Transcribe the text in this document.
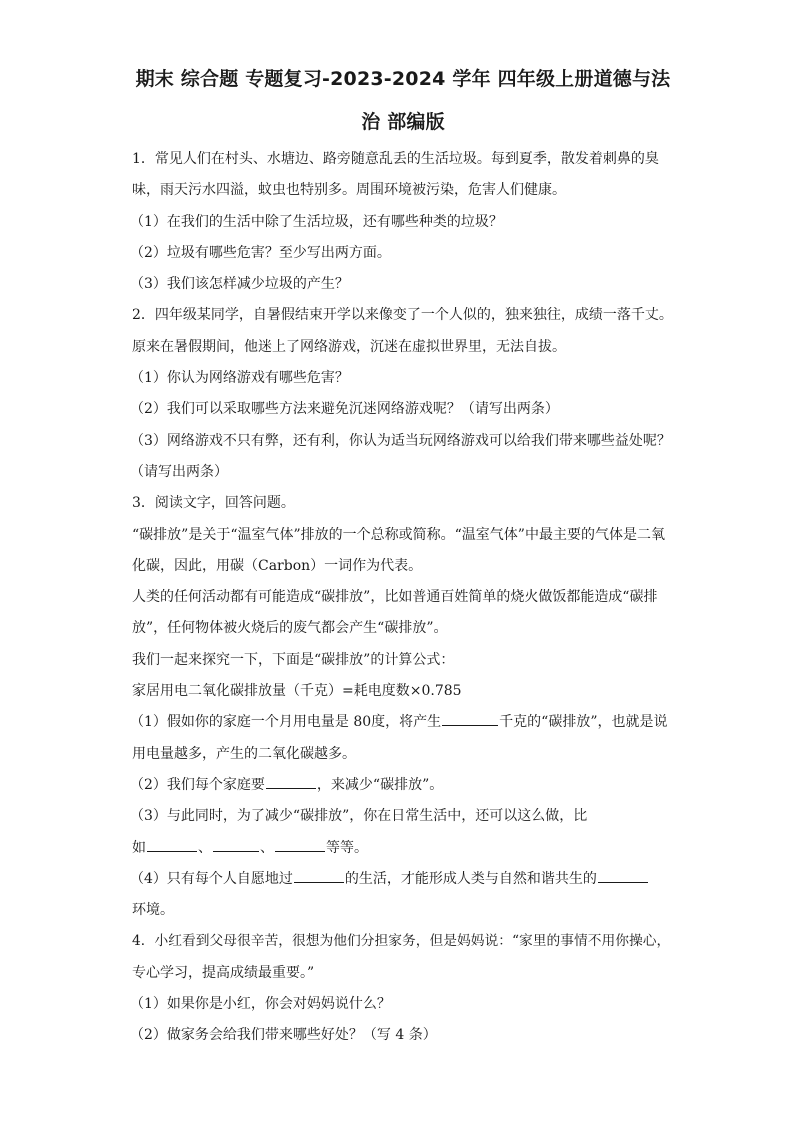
期末 综合题 专题复习-2023-2024 学年 四年级上册道德与法
治 部编版
1．常见人们在村头、水塘边、路旁随意乱丢的生活垃圾。每到夏季，散发着刺鼻的臭
味，雨天污水四溢，蚊虫也特别多。周围环境被污染，危害人们健康。
（1）在我们的生活中除了生活垃圾，还有哪些种类的垃圾？
（2）垃圾有哪些危害？至少写出两方面。
（3）我们该怎样减少垃圾的产生？
2．四年级某同学，自暑假结束开学以来像变了一个人似的，独来独往，成绩一落千丈。
原来在暑假期间，他迷上了网络游戏，沉迷在虚拟世界里，无法自拔。
（1）你认为网络游戏有哪些危害？
（2）我们可以采取哪些方法来避免沉迷网络游戏呢？（请写出两条）
（3）网络游戏不只有弊，还有利，你认为适当玩网络游戏可以给我们带来哪些益处呢？
（请写出两条）
3．阅读文字，回答问题。
“碳排放”是关于“温室气体”排放的一个总称或简称。“温室气体”中最主要的气体是二氧
化碳，因此，用碳（Carbon）一词作为代表。
人类的任何活动都有可能造成“碳排放”，比如普通百姓简单的烧火做饭都能造成“碳排
放”，任何物体被火烧后的废气都会产生“碳排放”。
我们一起来探究一下，下面是“碳排放”的计算公式：
家居用电二氧化碳排放量（千克）=耗电度数×0.785
（1）假如你的家庭一个月用电量是 80度，将产生	千克的“碳排放”，也就是说
用电量越多，产生的二氧化碳越多。
（2）我们每个家庭要	，来减少“碳排放”。
（3）与此同时，为了减少“碳排放”，你在日常生活中，还可以这么做，比
如	、	、	等等。
（4）只有每个人自愿地过	的生活，才能形成人类与自然和谐共生的
环境。
4．小红看到父母很辛苦，很想为他们分担家务，但是妈妈说：“家里的事情不用你操心，
专心学习，提高成绩最重要。”
（1）如果你是小红，你会对妈妈说什么？
（2）做家务会给我们带来哪些好处？（写 4 条）
